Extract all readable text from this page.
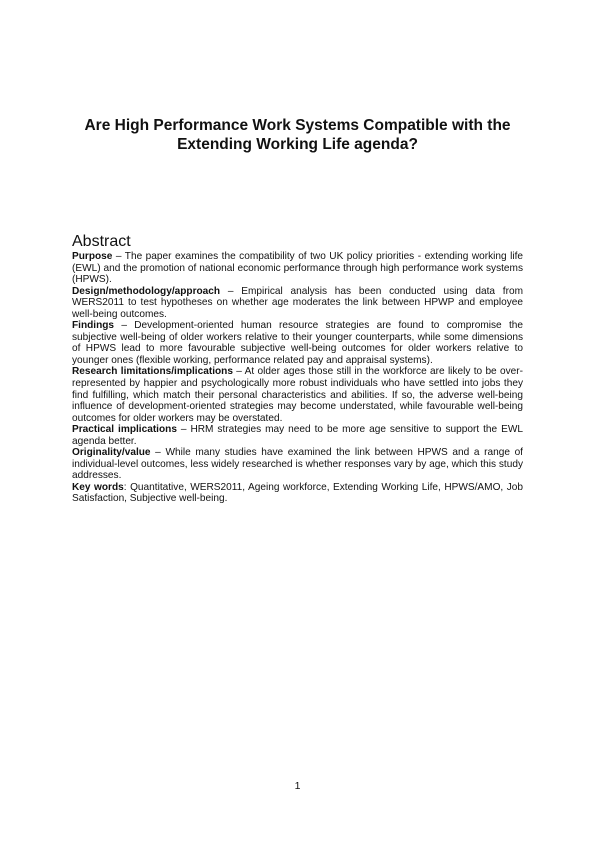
Are High Performance Work Systems Compatible with the Extending Working Life agenda?
Abstract

Purpose – The paper examines the compatibility of two UK policy priorities - extending working life (EWL) and the promotion of national economic performance through high performance work systems (HPWS).

Design/methodology/approach – Empirical analysis has been conducted using data from WERS2011 to test hypotheses on whether age moderates the link between HPWP and employee well-being outcomes.

Findings – Development-oriented human resource strategies are found to compromise the subjective well-being of older workers relative to their younger counterparts, while some dimensions of HPWS lead to more favourable subjective well-being outcomes for older workers relative to younger ones (flexible working, performance related pay and appraisal systems).

Research limitations/implications – At older ages those still in the workforce are likely to be over-represented by happier and psychologically more robust individuals who have settled into jobs they find fulfilling, which match their personal characteristics and abilities. If so, the adverse well-being influence of development-oriented strategies may become understated, while favourable well-being outcomes for older workers may be overstated.

Practical implications – HRM strategies may need to be more age sensitive to support the EWL agenda better.

Originality/value – While many studies have examined the link between HPWS and a range of individual-level outcomes, less widely researched is whether responses vary by age, which this study addresses.

Key words: Quantitative, WERS2011, Ageing workforce, Extending Working Life, HPWS/AMO, Job Satisfaction, Subjective well-being.

1
